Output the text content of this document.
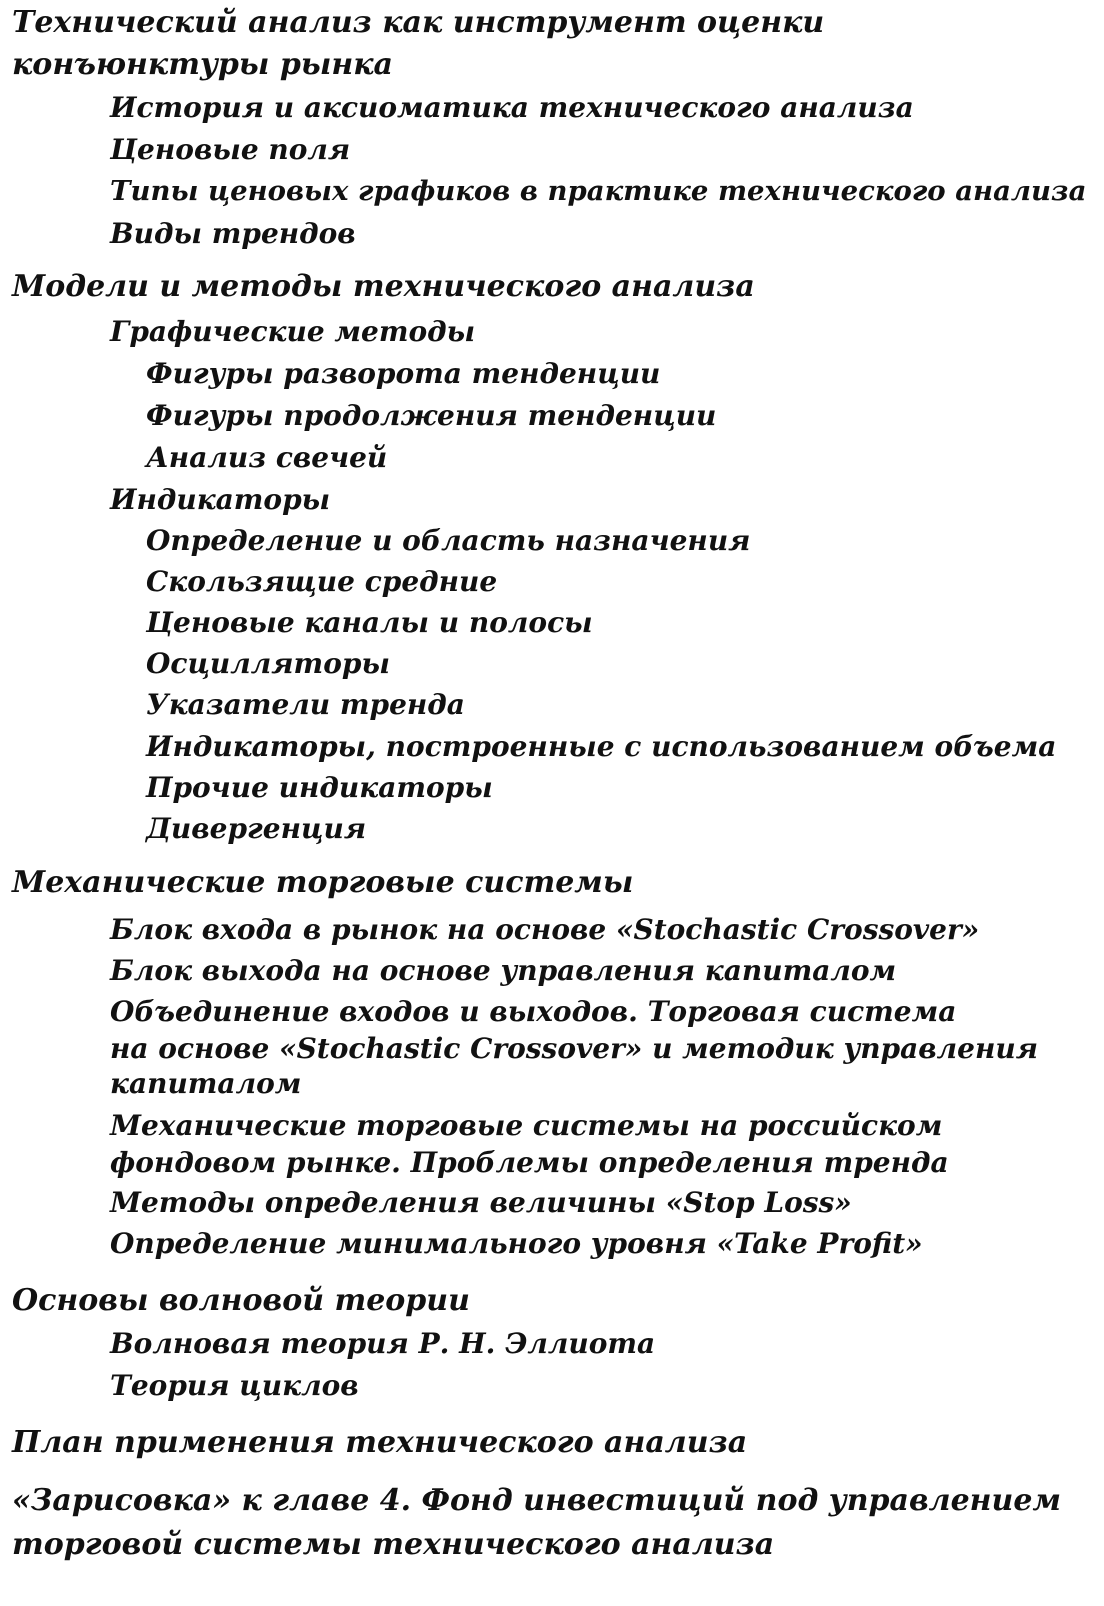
Технический анализ как инструмент оценки
конъюнктуры рынка
История и аксиоматика технического анализа
Ценовые поля
Типы ценовых графиков в практике технического анализа
Виды трендов
Модели и методы технического анализа
Графические методы
Фигуры разворота тенденции
Фигуры продолжения тенденции
Анализ свечей
Индикаторы
Определение и область назначения
Скользящие средние
Ценовые каналы и полосы
Осцилляторы
Указатели тренда
Индикаторы, построенные с использованием объема
Прочие индикаторы
Дивергенция
Механические торговые системы
Блок входа в рынок на основе «Stochastic Crossover»
Блок выхода на основе управления капиталом
Объединение входов и выходов. Торговая система
на основе «Stochastic Crossover» и методик управления
капиталом
Механические торговые системы на российском
фондовом рынке. Проблемы определения тренда
Методы определения величины «Stop Loss»
Определение минимального уровня «Take Profit»
Основы волновой теории
Волновая теория Р. Н. Эллиота
Теория циклов
План применения технического анализа
«Зарисовка» к главе 4. Фонд инвестиций под управлением
торговой системы технического анализа
